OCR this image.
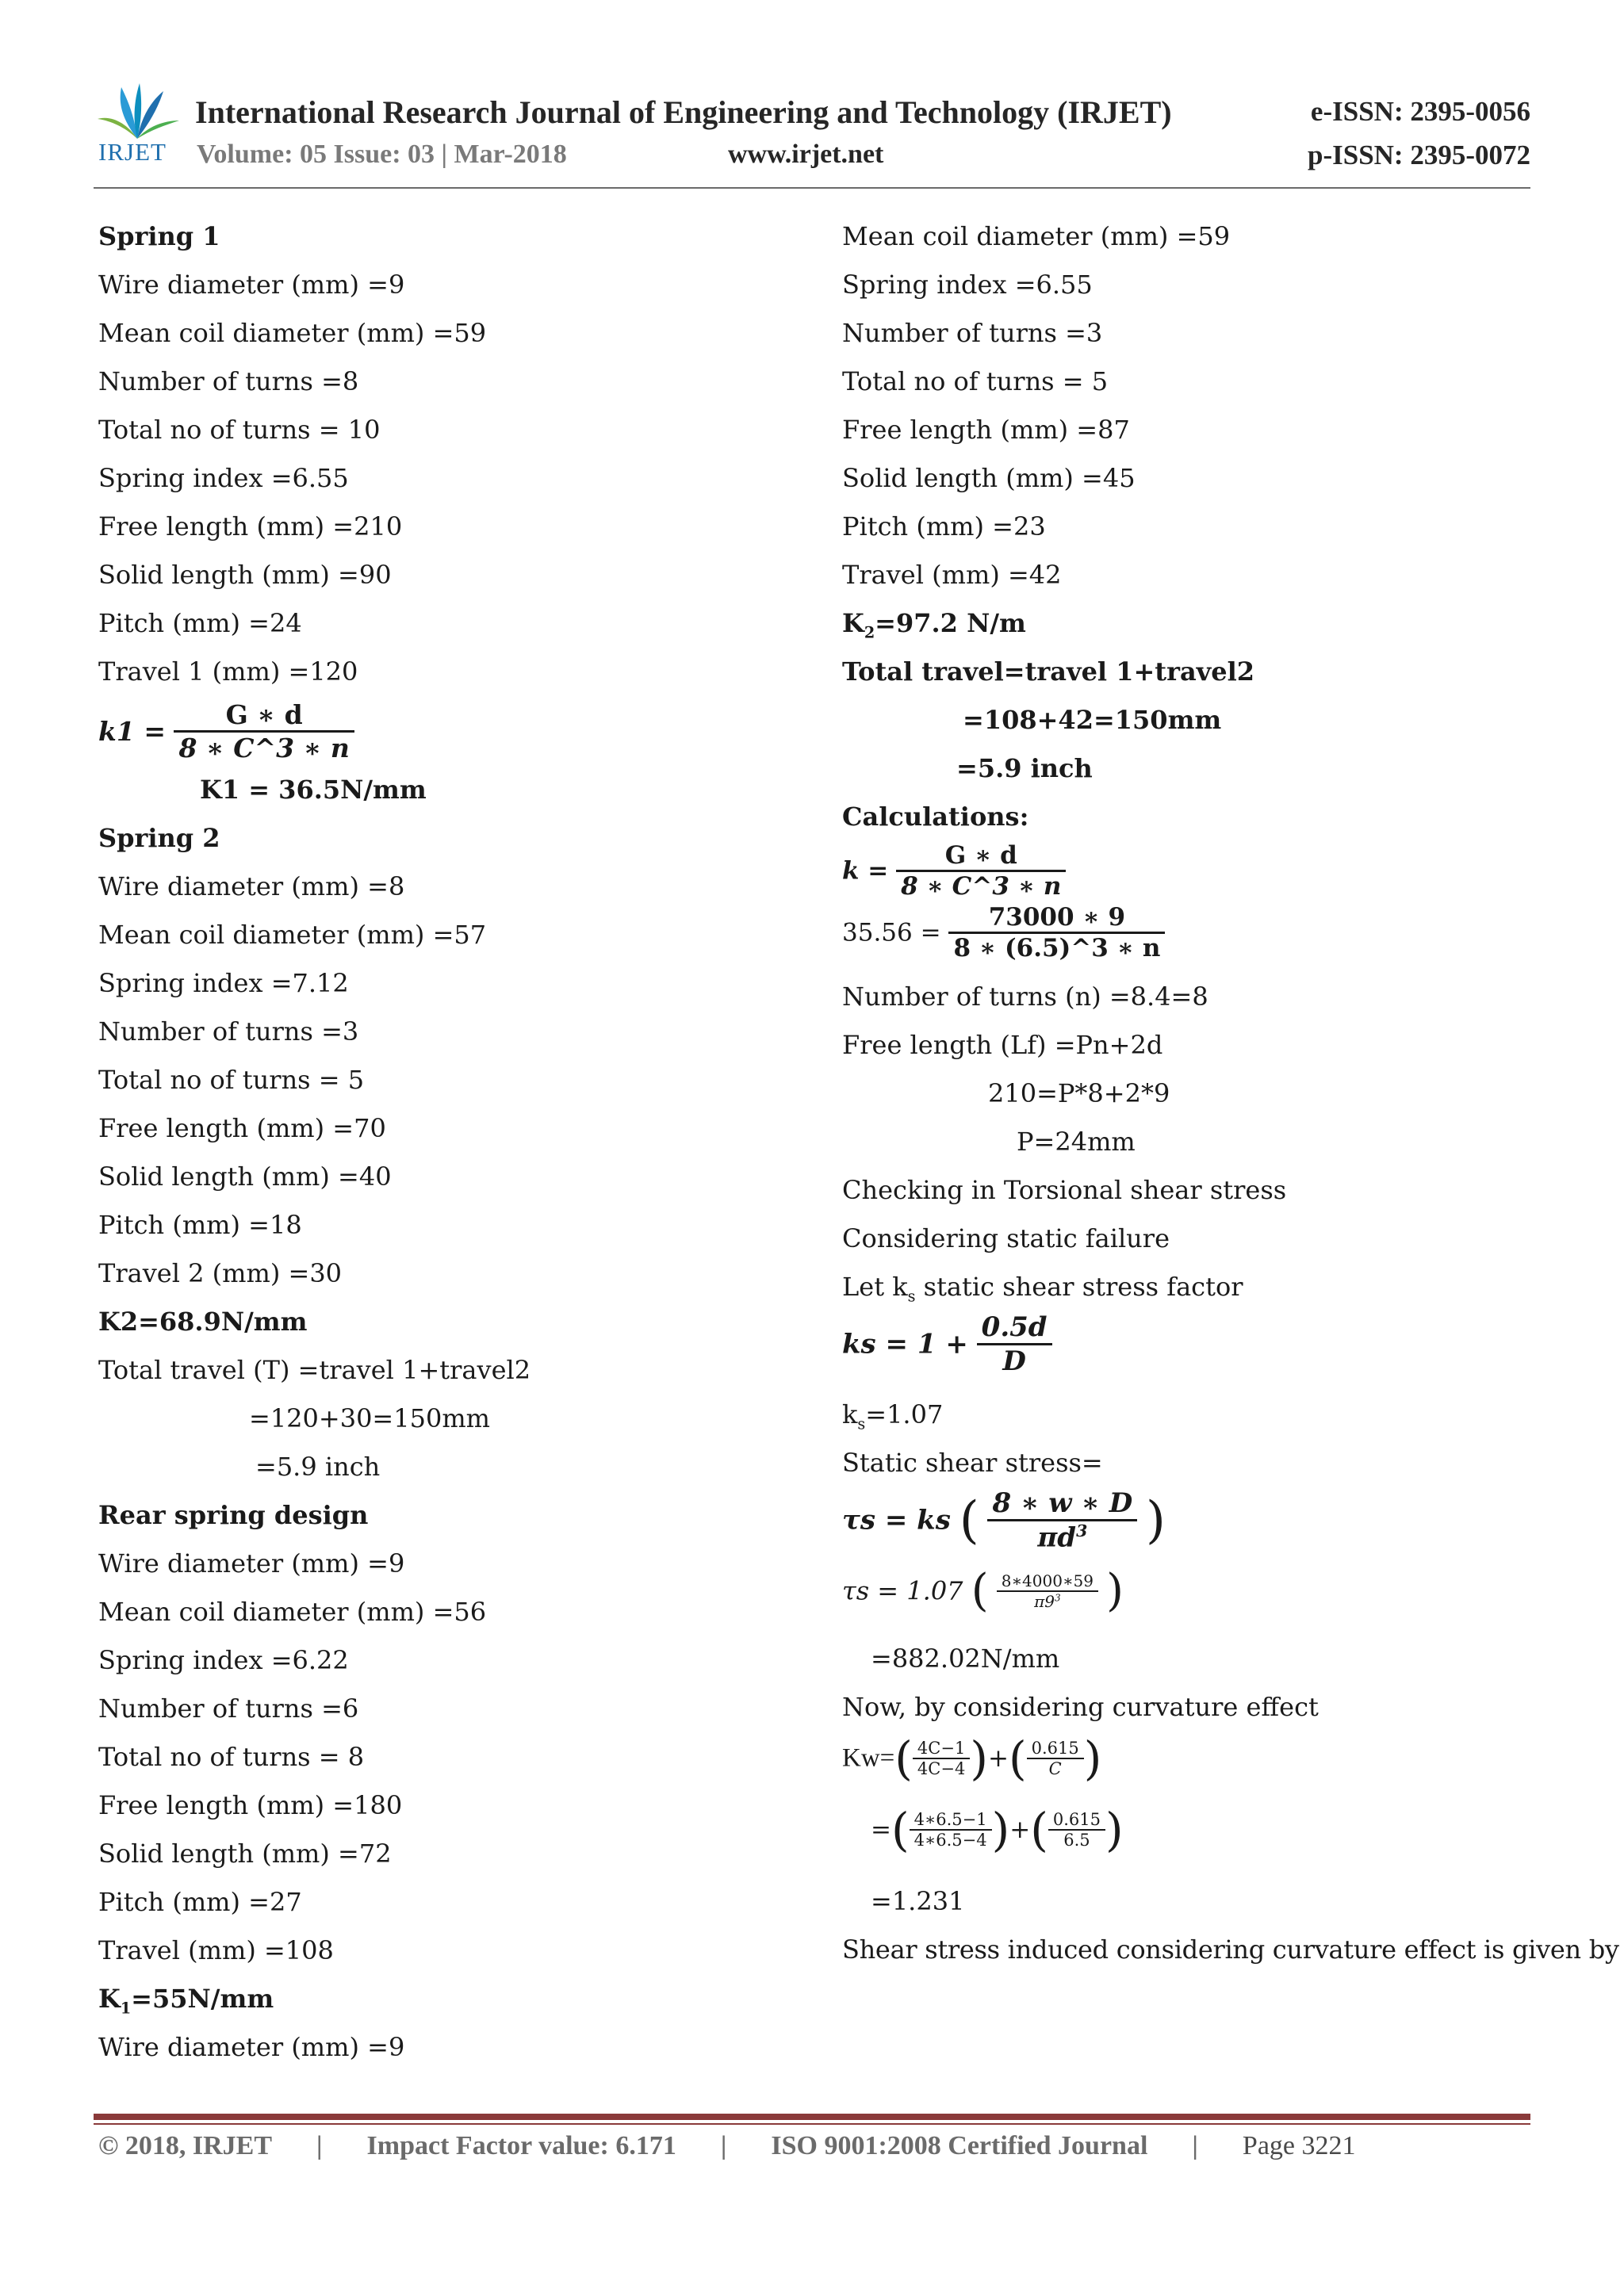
IRJET
International Research Journal of Engineering and Technology (IRJET)	e-ISSN: 2395-0056
Volume: 05 Issue: 03 | Mar-2018	www.irjet.net	p-ISSN: 2395-0072
Spring 1
Wire diameter (mm) =9
Mean coil diameter (mm) =59
Number of turns =8
Total no of turns = 10
Spring index =6.55
Free length (mm) =210
Solid length (mm) =90
Pitch (mm) =24
Travel 1 (mm) =120
$k1 = \frac{G ∗ d}{8 ∗ C\^{}3 ∗ n}$
K1 = 36.5N/mm
Spring 2
Wire diameter (mm) =8
Mean coil diameter (mm) =57
Spring index =7.12
Number of turns =3
Total no of turns = 5
Free length (mm) =70
Solid length (mm) =40
Pitch (mm) =18
Travel 2 (mm) =30
K2=68.9N/mm
Total travel (T) =travel 1+travel2
=120+30=150mm
=5.9 inch
Rear spring design
Wire diameter (mm) =9
Mean coil diameter (mm) =56
Spring index =6.22
Number of turns =6
Total no of turns = 8
Free length (mm) =180
Solid length (mm) =72
Pitch (mm) =27
Travel (mm) =108
$K_1=55N/mm$
Wire diameter (mm) =9
Mean coil diameter (mm) =59
Spring index =6.55
Number of turns =3
Total no of turns = 5
Free length (mm) =87
Solid length (mm) =45
Pitch (mm) =23
Travel (mm) =42
$K_2=97.2$ N/m
Total travel=travel 1+travel2
=108+42=150mm
=5.9 inch
Calculations:
$k = \frac{G ∗ d}{8 ∗ C\^{}3 ∗ n}$
$35.56 = \frac{73000 ∗ 9}{8 ∗ (6.5)\^{}3 ∗ n}$
Number of turns (n) =8.4=8
Free length (Lf) =Pn+2d
210=P*8+2*9
P=24mm
Checking in Torsional shear stress
Considering static failure
Let $k_s$ static shear stress factor
ks = $1 + \frac{0.5d}{D}$
$k_s=1.07$
Static shear stress=
τs = ks ( $\frac{8 ∗ w ∗ D}{\pi d^3}$ )
τs = 1.07 ( $\frac{8∗4000∗59}{\pi 9^3}$ )
=882.02N/mm
Now, by considering curvature effect
$Kw=( \frac{4C-1}{4C-4}$ )+( $\frac{0.615}{C}$ )
=( $\frac{4∗6.5-1}{4∗6.5-4}$ )+( $\frac{0.615}{6.5}$ )
=1.231
Shear stress induced considering curvature effect is given by
© 2018, IRJET | Impact Factor value: 6.171 | ISO 9001:2008 Certified Journal | Page 3221
